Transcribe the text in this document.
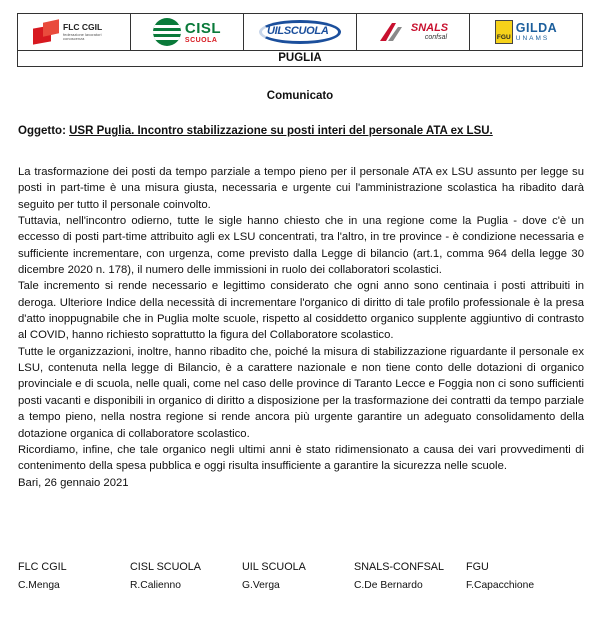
FLC CGIL
federazione lavoratori conoscenza
CISL
SCUOLA
UILSCUOLA	SNALS
confsal	FGU
GILDA
UNAMS
PUGLIA
Comunicato
Oggetto: USR Puglia. Incontro stabilizzazione su posti interi del personale ATA ex LSU.

La trasformazione dei posti da tempo parziale a tempo pieno per il personale ATA ex LSU assunto per legge su posti in part-time è una misura giusta, necessaria e urgente cui l'amministrazione scolastica ha ribadito darà seguito per tutto il personale coinvolto.

Tuttavia, nell'incontro odierno, tutte le sigle hanno chiesto che in una regione come la Puglia - dove c'è un eccesso di posti part-time attribuito agli ex LSU concentrati, tra l'altro, in tre province - è condizione necessaria e sufficiente incrementare, con urgenza, come previsto dalla Legge di bilancio (art.1, comma 964 della legge 30 dicembre 2020 n. 178), il numero delle immissioni in ruolo dei collaboratori scolastici.

Tale incremento si rende necessario e legittimo considerato che ogni anno sono centinaia i posti attribuiti in deroga. Ulteriore Indice della necessità di incrementare l'organico di diritto di tale profilo professionale è la presa d'atto inoppugnabile che in Puglia molte scuole, rispetto al cosiddetto organico supplente aggiuntivo di contrasto al COVID, hanno richiesto soprattutto la figura del Collaboratore scolastico.

Tutte le organizzazioni, inoltre, hanno ribadito che, poiché la misura di stabilizzazione riguardante il personale ex LSU, contenuta nella legge di Bilancio, è a carattere nazionale e non tiene conto delle dotazioni di organico provinciale e di scuola, nelle quali, come nel caso delle province di Taranto Lecce e Foggia non ci sono sufficienti posti vacanti e disponibili in organico di diritto a disposizione per la trasformazione dei contratti da tempo parziale a tempo pieno, nella nostra regione si rende ancora più urgente garantire un adeguato consolidamento della dotazione organica di collaboratore scolastico.

Ricordiamo, infine, che tale organico negli ultimi anni è stato ridimensionato a causa dei vari provvedimenti di contenimento della spesa pubblica e oggi risulta insufficiente a garantire la sicurezza nelle scuole.

Bari, 26 gennaio 2021

FLC CGIL	CISL SCUOLA	UIL SCUOLA	SNALS-CONFSAL	FGU
C.Menga	R.Calienno	G.Verga	C.De Bernardo	F.Capacchione
